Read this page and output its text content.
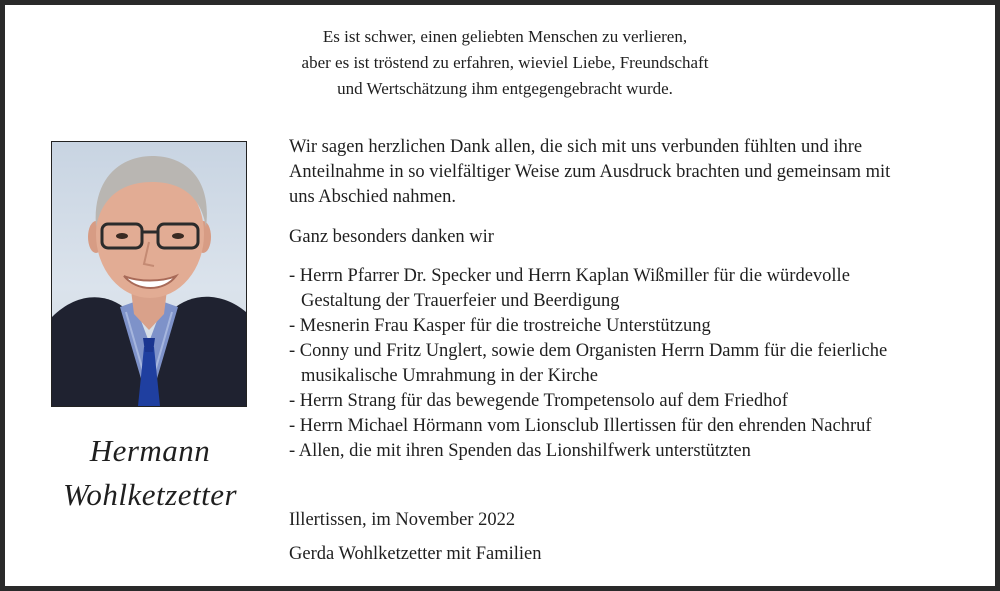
Es ist schwer, einen geliebten Menschen zu verlieren,
aber es ist tröstend zu erfahren, wieviel Liebe, Freundschaft
und Wertschätzung ihm entgegengebracht wurde.
Hermann
Wohlketzetter
Wir sagen herzlichen Dank allen, die sich mit uns verbunden fühlten und ihre
Anteilnahme in so vielfältiger Weise zum Ausdruck brachten und gemeinsam mit
uns Abschied nahmen.
Ganz besonders danken wir
- Herrn Pfarrer Dr. Specker und Herrn Kaplan Wißmiller für die würdevolle
Gestaltung der Trauerfeier und Beerdigung
- Mesnerin Frau Kasper für die trostreiche Unterstützung
- Conny und Fritz Unglert, sowie dem Organisten Herrn Damm für die feierliche
musikalische Umrahmung in der Kirche
- Herrn Strang für das bewegende Trompetensolo auf dem Friedhof
- Herrn Michael Hörmann vom Lionsclub Illertissen für den ehrenden Nachruf
- Allen, die mit ihren Spenden das Lionshilfwerk unterstützten
Illertissen, im November 2022
Gerda Wohlketzetter mit Familien
